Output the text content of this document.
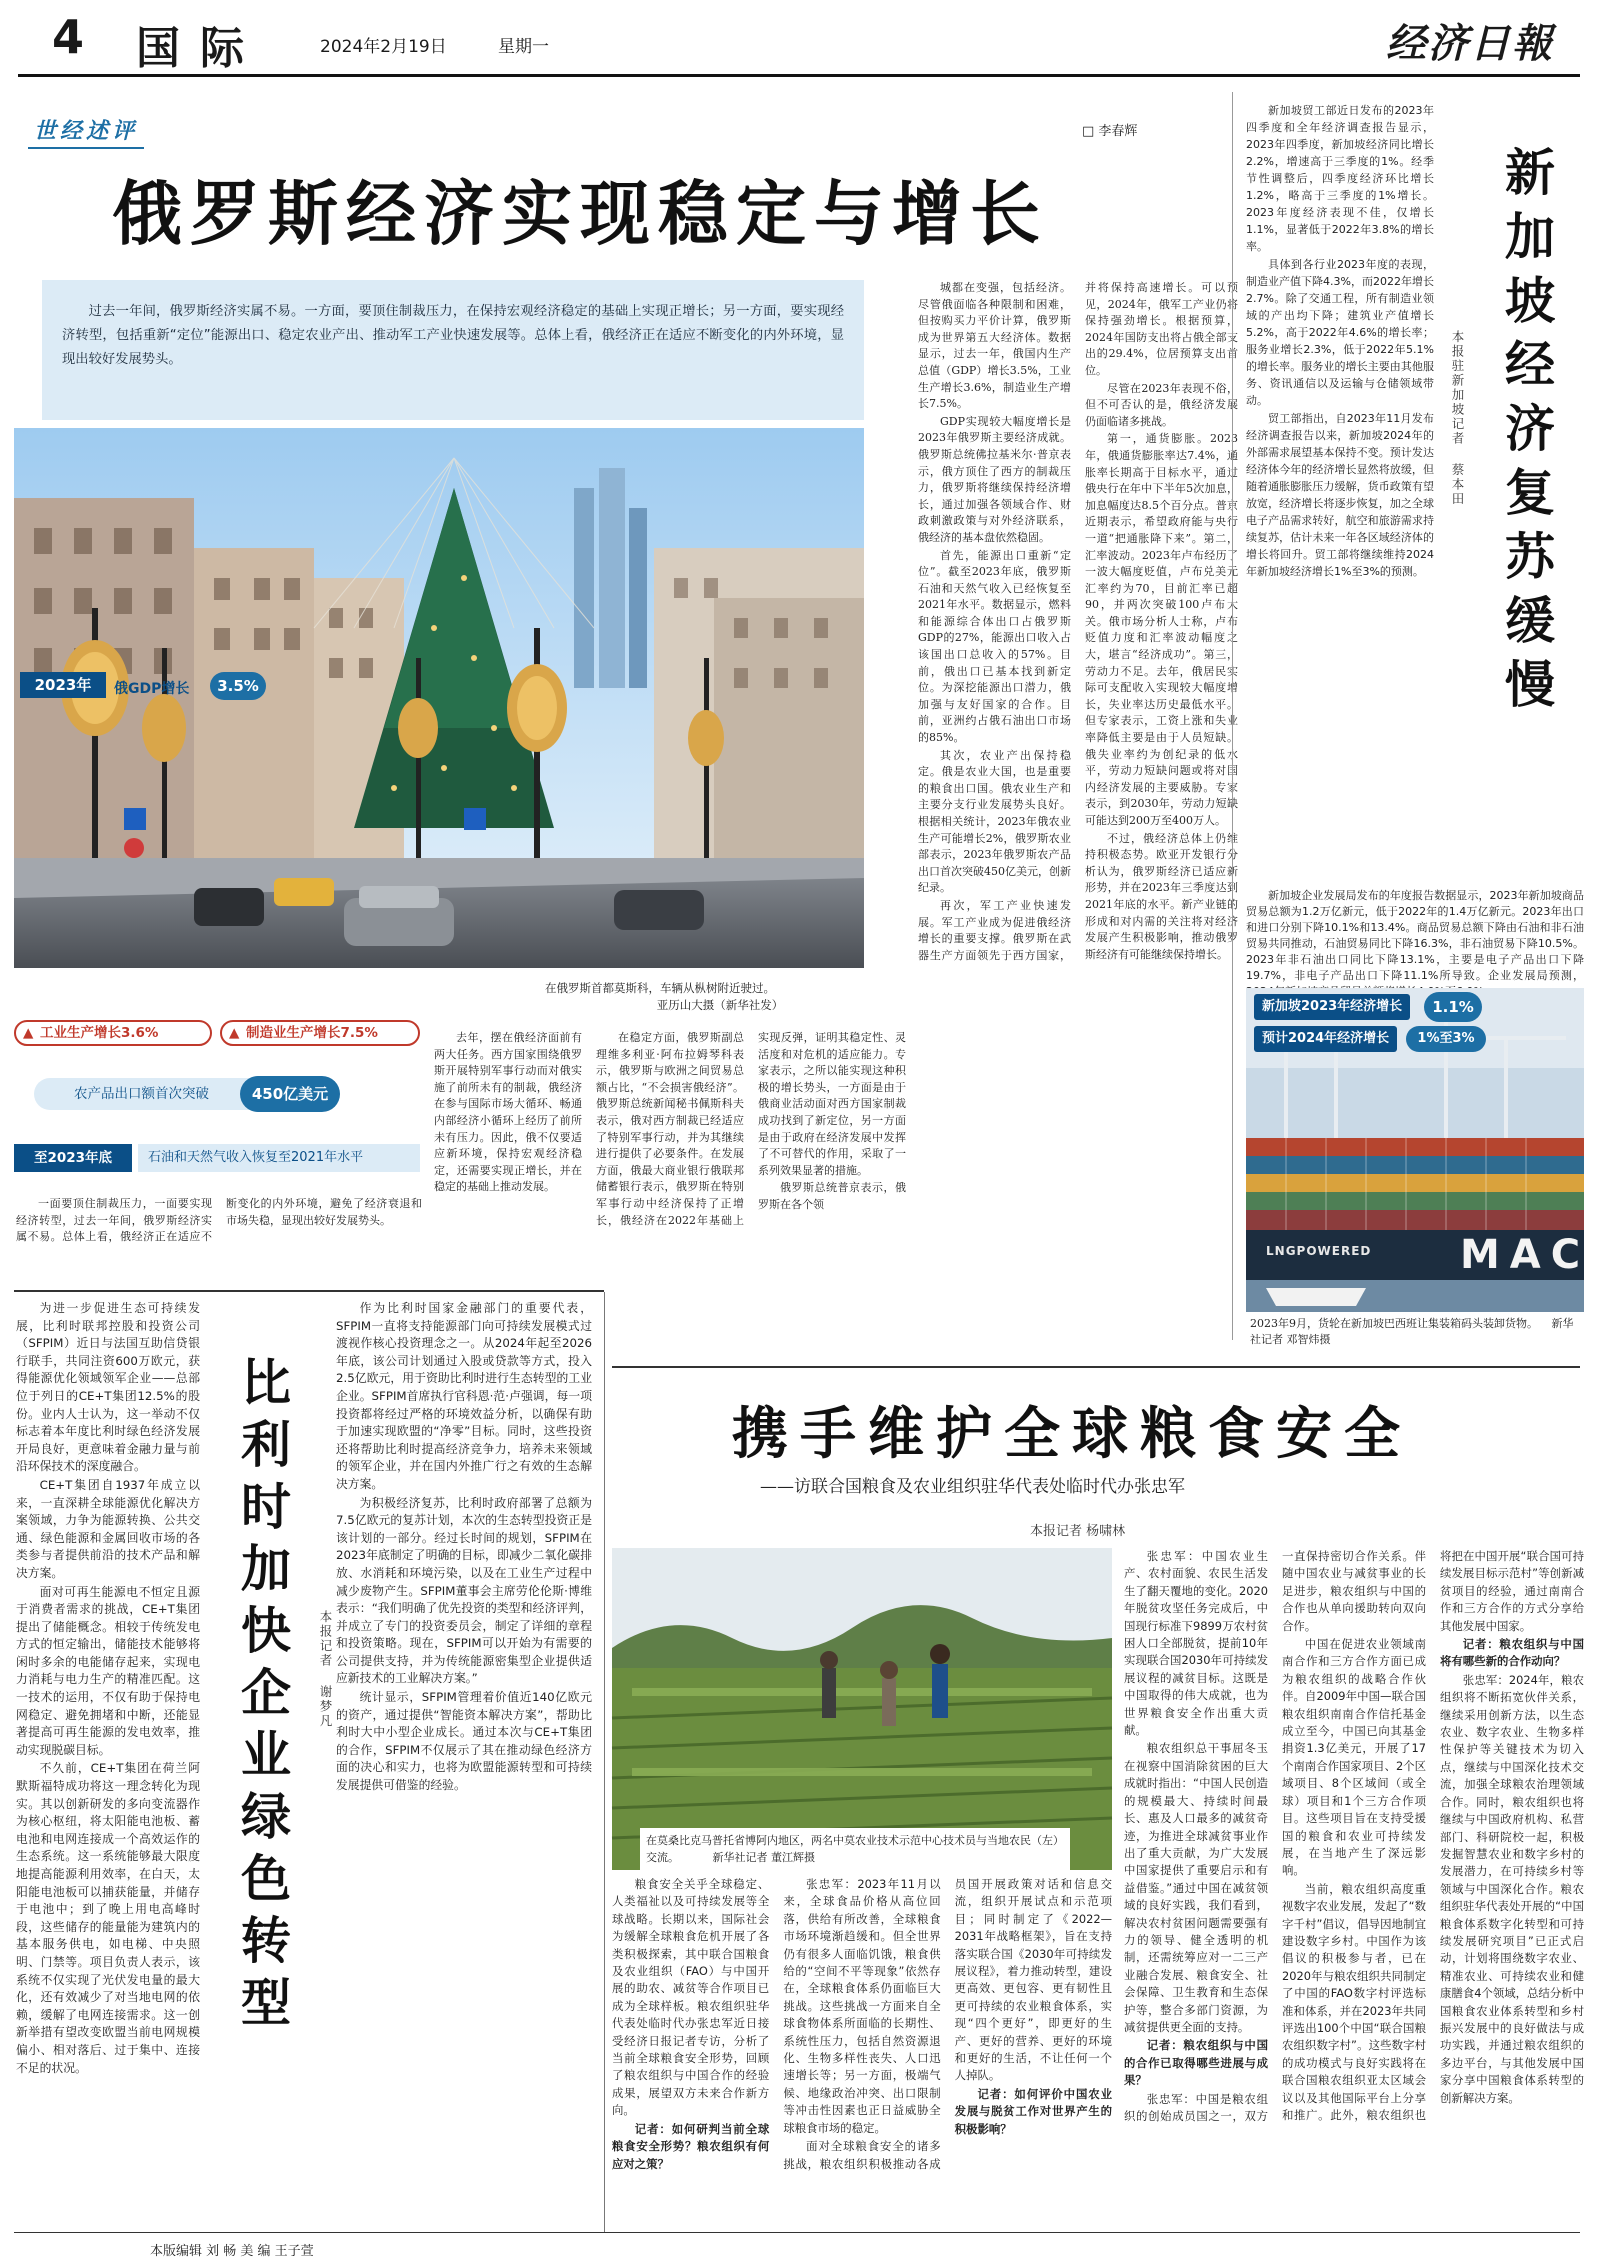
4 国际	2024年2月19日	星期一	经济日報
世经述评	□ 李春辉
俄罗斯经济实现稳定与增长

过去一年间，俄罗斯经济实属不易。一方面，要顶住制裁压力，在保持宏观经济稳定的基础上实现正增长；另一方面，要实现经济转型，包括重新“定位”能源出口、稳定农业产出、推动军工产业快速发展等。总体上看，俄经济正在适应不断变化的内外环境，显现出较好发展势头。

2023年	俄GDP增长	3.5%
▲ 工业生产增长3.6%	▲ 制造业生产增长7.5%
农产品出口额首次突破	450亿美元
至2023年底	石油和天然气收入恢复至2021年水平
在俄罗斯首都莫斯科，车辆从枞树附近驶过。
亚历山大摄（新华社发）

城都在变强，包括经济。尽管俄面临各种限制和困难，但按购买力平价计算，俄罗斯成为世界第五大经济体。数据显示，过去一年，俄国内生产总值（GDP）增长3.5%，工业生产增长3.6%，制造业生产增长7.5%。

GDP实现较大幅度增长是2023年俄罗斯主要经济成就。俄罗斯总统佛拉基米尔·普京表示，俄方顶住了西方的制裁压力，俄罗斯将继续保持经济增长，通过加强各领域合作、财政刺激政策与对外经济联系，俄经济的基本盘依然稳固。

首先，能源出口重新“定位”。截至2023年底，俄罗斯石油和天然气收入已经恢复至2021年水平。数据显示，燃料和能源综合体出口占俄罗斯GDP的27%，能源出口收入占该国出口总收入的57%。目前，俄出口已基本找到新定位。为深挖能源出口潜力，俄加强与友好国家的合作。目前，亚洲约占俄石油出口市场的85%。

其次，农业产出保持稳定。俄是农业大国，也是重要的粮食出口国。俄农业生产和主要分支行业发展势头良好。根据相关统计，2023年俄农业生产可能增长2%，俄罗斯农业部表示，2023年俄罗斯农产品出口首次突破450亿美元，创新纪录。

再次，军工产业快速发展。军工产业成为促进俄经济增长的重要支撑。俄罗斯在武器生产方面领先于西方国家，并将保持高速增长。可以预见，2024年，俄军工产业仍将保持强劲增长。根据预算，2024年国防支出将占俄全部支出的29.4%，位居预算支出首位。

尽管在2023年表现不俗，但不可否认的是，俄经济发展仍面临诸多挑战。

第一，通货膨胀。2023年，俄通货膨胀率达7.4%，通胀率长期高于目标水平，通过俄央行在年中下半年5次加息，加息幅度达8.5个百分点。普京近期表示，希望政府能与央行一道“把通胀降下来”。第二，汇率波动。2023年卢布经历了一波大幅度贬值，卢布兑美元汇率约为70，目前汇率已超90，并两次突破100卢布大关。俄市场分析人士称，卢布贬值力度和汇率波动幅度之大，堪言“经济成功”。第三，劳动力不足。去年，俄居民实际可支配收入实现较大幅度增长，失业率达历史最低水平。但专家表示，工资上涨和失业率降低主要是由于人员短缺。俄失业率约为创纪录的低水平，劳动力短缺问题或将对国内经济发展的主要威胁。专家表示，到2030年，劳动力短缺可能达到200万至400万人。

不过，俄经济总体上仍维持积极态势。欧亚开发银行分析认为，俄罗斯经济已适应新形势，并在2023年三季度达到2021年底的水平。新产业链的形成和对内需的关注将对经济发展产生积极影响，推动俄罗斯经济有可能继续保持增长。

去年，摆在俄经济面前有两大任务。西方国家围绕俄罗斯开展特别军事行动而对俄实施了前所未有的制裁，俄经济在参与国际市场大循环、畅通内部经济小循环上经历了前所未有压力。因此，俄不仅要适应新环境，保持宏观经济稳定，还需要实现正增长，并在稳定的基础上推动发展。

在稳定方面，俄罗斯副总理维多利亚·阿布拉姆琴科表示，俄罗斯与欧洲之间贸易总额占比，“不会损害俄经济”。俄罗斯总统新闻秘书佩斯科夫表示，俄对西方制裁已经适应了特别军事行动，并为其继续进行提供了必要条件。在发展方面，俄最大商业银行俄联邦储蓄银行表示，俄罗斯在特别军事行动中经济保持了正增长，俄经济在2022年基础上实现反弹，证明其稳定性、灵活度和对危机的适应能力。专家表示，之所以能实现这种积极的增长势头，一方面是由于俄商业活动面对西方国家制裁成功找到了新定位，另一方面是由于政府在经济发展中发挥了不可替代的作用，采取了一系列效果显著的措施。

俄罗斯总统普京表示，俄罗斯在各个领

一面要顶住制裁压力，一面要实现经济转型，过去一年间，俄罗斯经济实属不易。总体上看，俄经济正在适应不断变化的内外环境，避免了经济衰退和市场失稳，显现出较好发展势头。

新加坡贸工部近日发布的2023年四季度和全年经济调查报告显示，2023年四季度，新加坡经济同比增长2.2%，增速高于三季度的1%。经季节性调整后，四季度经济环比增长1.2%，略高于三季度的1%增长。2023年度经济表现不佳，仅增长1.1%，显著低于2022年3.8%的增长率。

具体到各行业2023年度的表现，制造业产值下降4.3%，而2022年增长2.7%。除了交通工程，所有制造业领域的产出均下降；建筑业产值增长5.2%，高于2022年4.6%的增长率；服务业增长2.3%，低于2022年5.1%的增长率。服务业的增长主要由其他服务、资讯通信以及运输与仓储领域带动。

贸工部指出，自2023年11月发布经济调查报告以来，新加坡2024年的外部需求展望基本保持不变。预计发达经济体今年的经济增长显然将放缓，但随着通胀膨胀压力缓解，货币政策有望放宽，经济增长将逐步恢复，加之全球电子产品需求转好，航空和旅游需求持续复苏，估计未来一年各区域经济体的增长将回升。贸工部将继续维持2024年新加坡经济增长1%至3%的预测。 新加坡经济复苏缓慢
本报驻新加坡记者 蔡本田

新加坡企业发展局发布的年度报告数据显示，2023年新加坡商品贸易总额为1.2万亿新元，低于2022年的1.4万亿新元。2023年出口和进口分别下降10.1%和13.4%。商品贸易总额下降由石油和非石油贸易共同推动，石油贸易同比下降16.3%，非石油贸易下降10.5%。2023年非石油出口同比下降13.1%，主要是电子产品出口下降19.7%，非电子产品出口下降11.1%所导致。企业发展局预测，

LNGPOWERED MAC
新加坡2023年经济增长	1.1%
预计2024年经济增长	1%至3%
2023年9月，货轮在新加坡巴西班让集装箱码头装卸货物。 新华社记者 邓智炜摄

为进一步促进生态可持续发展，比利时联邦控股和投资公司（SFPIM）近日与法国互助信贷银行联手，共同注资600万欧元，获得能源优化领域领军企业——总部位于列日的CE+T集团12.5%的股份。业内人士认为，这一举动不仅标志着本年度比利时绿色经济发展开局良好，更意味着金融力量与前沿环保技术的深度融合。

CE+T集团自1937年成立以来，一直深耕全球能源优化解决方案领域，力争为能源转换、公共交通、绿色能源和金属回收市场的各类参与者提供前沿的技术产品和解决方案。

面对可再生能源电不恒定且源于消费者需求的挑战，CE+T集团提出了储能概念。相较于传统发电方式的恒定输出，储能技术能够将闲时多余的电能储存起来，实现电力消耗与电力生产的精准匹配。这一技术的运用，不仅有助于保持电网稳定、避免拥堵和中断，还能显著提高可再生能源的发电效率，推动实现脱碳目标。

不久前，CE+T集团在荷兰阿默斯福特成功将这一理念转化为现实。其以创新研发的多向变流器作为核心枢纽，将太阳能电池板、蓄电池和电网连接成一个高效运作的生态系统。这一系统能够最大限度地提高能源利用效率，在白天，太阳能电池板可以捕获能量，并储存于电池中；到了晚上用电高峰时段，这些储存的能量能为建筑内的基本服务供电，如电梯、中央照明、门禁等。项目负责人表示，该系统不仅实现了光伏发电量的最大化，还有效减少了对当地电网的依赖，缓解了电网连接需求。这一创新举措有望改变欧盟当前电网规模偏小、相对落后、过于集中、连接不足的状况。

比利时加快企业绿色转型	本报记者 谢梦凡

作为比利时国家金融部门的重要代表，SFPIM一直将支持能源部门向可持续发展模式过渡视作核心投资理念之一。从2024年起至2026年底，该公司计划通过入股或贷款等方式，投入2.5亿欧元，用于资助比利时进行生态转型的工业企业。SFPIM首席执行官科恩·范·卢强调，每一项投资都将经过严格的环境效益分析，以确保有助于加速实现欧盟的“净零”目标。同时，这些投资还将帮助比利时提高经济竞争力，培养未来领域的领军企业，并在国内外推广行之有效的生态解决方案。

为积极经济复苏，比利时政府部署了总额为7.5亿欧元的复苏计划，本次的生态转型投资正是该计划的一部分。经过长时间的规划，SFPIM在2023年底制定了明确的目标，即减少二氧化碳排放、水消耗和环境污染，以及在工业生产过程中减少废物产生。SFPIM董事会主席劳伦伦斯·博维表示：“我们明确了优先投资的类型和经济评判，并成立了专门的投资委员会，制定了详细的章程和投资策略。现在，SFPIM可以开始为有需要的公司提供支持，并为传统能源密集型企业提供适应新技术的工业解决方案。”

统计显示，SFPIM管理着价值近140亿欧元的资产，通过提供“智能资本解决方案”，帮助比利时大中小型企业成长。通过本次与CE+T集团的合作，SFPIM不仅展示了其在推动绿色经济方面的决心和实力，也将为欧盟能源转型和可持续发展提供可借鉴的经验。

携手维护全球粮食安全
——访联合国粮食及农业组织驻华代表处临时代办张忠军
本报记者 杨啸林
在莫桑比克马普托省博阿内地区，两名中莫农业技术示范中心技术员与当地农民（左）交流。	新华社记者 董江辉摄

粮食安全关乎全球稳定、人类福祉以及可持续发展等全球战略。长期以来，国际社会为缓解全球粮食危机开展了各类积极探索，其中联合国粮食及农业组织（FAO）与中国开展的助农、减贫等合作项目已成为全球样板。粮农组织驻华代表处临时代办张忠军近日接受经济日报记者专访，分析了当前全球粮食安全形势，回顾了粮农组织与中国合作的经验成果，展望双方未来合作新方向。

记者：如何研判当前全球粮食安全形势？粮农组织有何应对之策？

张忠军：2023年11月以来，全球食品价格从高位回落，供给有所改善，全球粮食市场环境渐趋缓和。但全世界仍有很多人面临饥饿，粮食供给的“空间不平等现象”依然存在，全球粮食体系仍面临巨大挑战。这些挑战一方面来自全球食物体系所面临的长期性、系统性压力，包括自然资源退化、生物多样性丧失、人口迅速增长等；另一方面，极端气候、地缘政治冲突、出口限制等冲击性因素也正日益威胁全球粮食市场的稳定。

面对全球粮食安全的诸多挑战，粮农组织积极推动各成员国开展政策对话和信息交流，组织开展试点和示范项目；同时制定了《2022—2031年战略框架》，旨在支持落实联合国《2030年可持续发展议程》，着力推动转型，建设更高效、更包容、更有韧性且更可持续的农业粮食体系，实现“四个更好”，即更好的生产、更好的营养、更好的环境和更好的生活，不让任何一个人掉队。

记者：如何评价中国农业发展与脱贫工作对世界产生的积极影响？

张忠军：中国农业生产、农村面貌、农民生活发生了翻天覆地的变化。2020年脱贫攻坚任务完成后，中国现行标准下9899万农村贫困人口全部脱贫，提前10年实现联合国2030年可持续发展议程的减贫目标。这既是中国取得的伟大成就，也为世界粮食安全作出重大贡献。

粮农组织总干事屈冬玉在视察中国消除贫困的巨大成就时指出：“中国人民创造的规模最大、持续时间最长、惠及人口最多的减贫奇迹，为推进全球减贫事业作出了重大贡献，为广大发展中国家提供了重要启示和有益借鉴。”通过中国在减贫领域的良好实践，我们看到，解决农村贫困问题需要强有力的领导、健全透明的机制，还需统筹应对一二三产业融合发展、粮食安全、社会保障、卫生教育和生态保护等，整合多部门资源，为减贫提供更全面的支持。

记者：粮农组织与中国的合作已取得哪些进展与成果？

张忠军：中国是粮农组织的创始成员国之一，双方一直保持密切合作关系。伴随中国农业与减贫事业的长足进步，粮农组织与中国的合作也从单向援助转向双向合作。

中国在促进农业领域南南合作和三方合作方面已成为粮农组织的战略合作伙伴。自2009年中国—联合国粮农组织南南合作信托基金成立至今，中国已向其基金捐资1.3亿美元，开展了17个南南合作国家项目、2个区域项目、8个区域间（或全球）项目和1个三方合作项目。这些项目旨在支持受援国的粮食和农业可持续发展，在当地产生了深远影响。

当前，粮农组织高度重视数字农业发展，发起了“数字千村”倡议，倡导因地制宜建设数字乡村。中国作为该倡议的积极参与者，已在2020年与粮农组织共同制定了中国的FAO数字村评选标准和体系，并在2023年共同评选出100个中国“联合国粮农组织数字村”。这些数字村的成功模式与良好实践将在联合国粮农组织亚太区域会议以及其他国际平台上分享和推广。此外，粮农组织也将把在中国开展“联合国可持续发展目标示范村”等创新减贫项目的经验，通过南南合作和三方合作的方式分享给其他发展中国家。

记者：粮农组织与中国将有哪些新的合作动向？

张忠军：2024年，粮农组织将不断拓宽伙伴关系，继续采用创新方法，以生态农业、数字农业、生物多样性保护等关键技术为切入点，继续与中国深化技术交流，加强全球粮农治理领域合作。同时，粮农组织也将继续与中国政府机构、私营部门、科研院校一起，积极发掘智慧农业和数字乡村的发展潜力，在可持续乡村等领域与中国深化合作。粮农组织驻华代表处开展的“中国粮食体系数字化转型和可持续发展研究项目”已正式启动，计划将围绕数字农业、精准农业、可持续农业和健康膳食4个领域，总结分析中国粮食农业体系转型和乡村振兴发展中的良好做法与成功实践，并通过粮农组织的多边平台，与其他发展中国家分享中国粮食体系转型的创新解决方案。

本版编辑 刘 畅 美 编 王子萱
